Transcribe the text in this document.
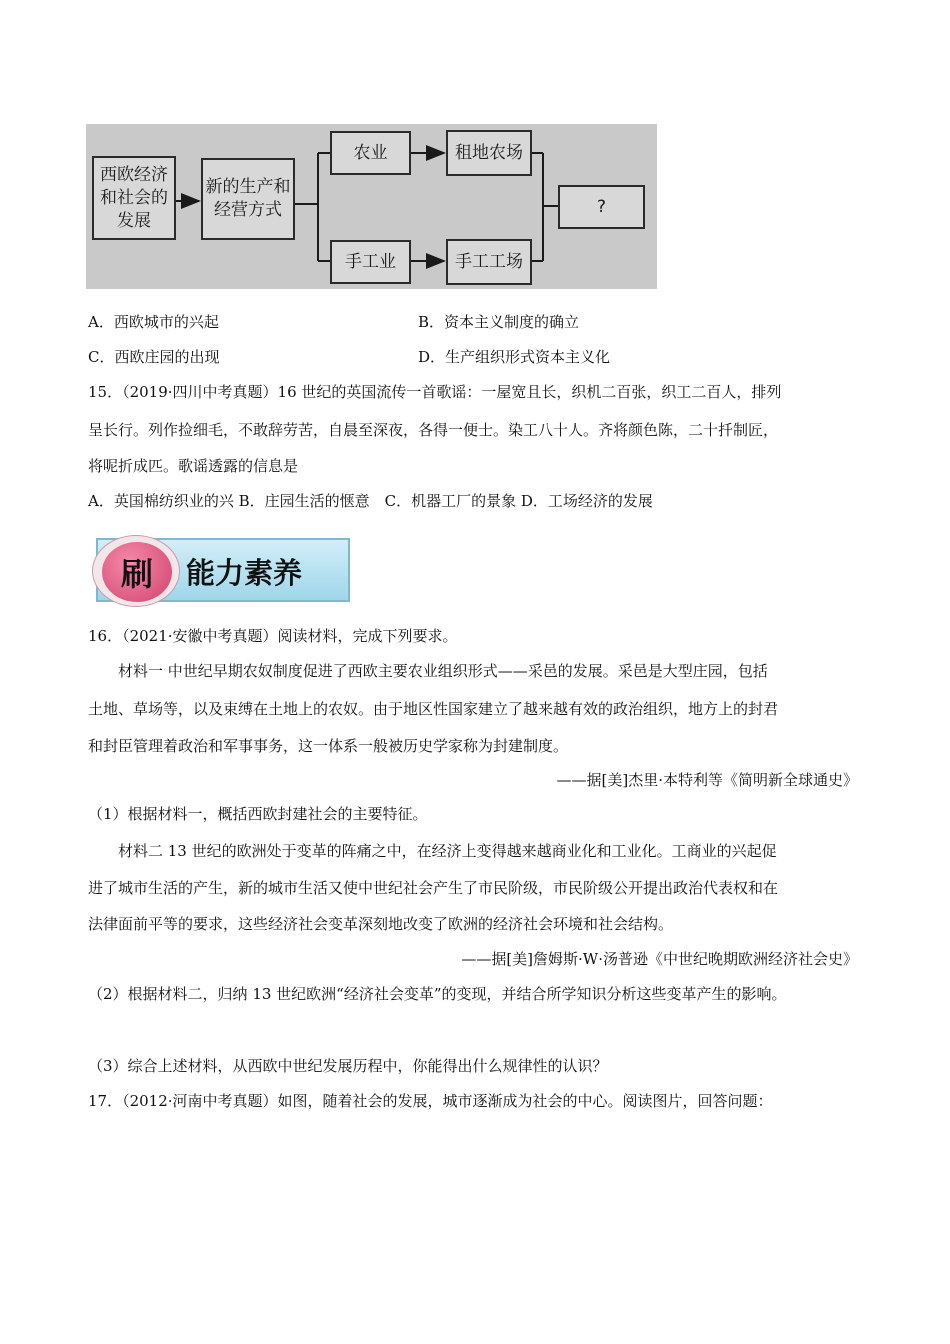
西欧经济
和社会的
发展
新的生产和
经营方式
农业	租地农场
手工业	手工工场
?
A．西欧城市的兴起	B．资本主义制度的确立
C．西欧庄园的出现	D．生产组织形式资本主义化
15．（2019·四川中考真题）16 世纪的英国流传一首歌谣：一屋宽且长，织机二百张，织工二百人，排列
呈长行。列作捡细毛，不敢辞劳苦，自晨至深夜，各得一便士。染工八十人。齐将颜色陈，二十扦制匠，
将呢折成匹。歌谣透露的信息是
A．英国棉纺织业的兴 B．庄园生活的惬意　C．机器工厂的景象 D．工场经济的发展
刷	能力素养
16．（2021·安徽中考真题）阅读材料，完成下列要求。
材料一 中世纪早期农奴制度促进了西欧主要农业组织形式——采邑的发展。采邑是大型庄园，包括
土地、草场等，以及束缚在土地上的农奴。由于地区性国家建立了越来越有效的政治组织，地方上的封君
和封臣管理着政治和军事事务，这一体系一般被历史学家称为封建制度。
——据[美]杰里·本特利等《简明新全球通史》
（1）根据材料一，概括西欧封建社会的主要特征。
材料二 13 世纪的欧洲处于变革的阵痛之中，在经济上变得越来越商业化和工业化。工商业的兴起促
进了城市生活的产生，新的城市生活又使中世纪社会产生了市民阶级，市民阶级公开提出政治代表权和在
法律面前平等的要求，这些经济社会变革深刻地改变了欧洲的经济社会环境和社会结构。
——据[美]詹姆斯·W·汤普逊《中世纪晚期欧洲经济社会史》
（2）根据材料二，归纳 13 世纪欧洲“经济社会变革”的变现，并结合所学知识分析这些变革产生的影响。
（3）综合上述材料，从西欧中世纪发展历程中，你能得出什么规律性的认识？
17．（2012·河南中考真题）如图，随着社会的发展，城市逐渐成为社会的中心。阅读图片，回答问题：
